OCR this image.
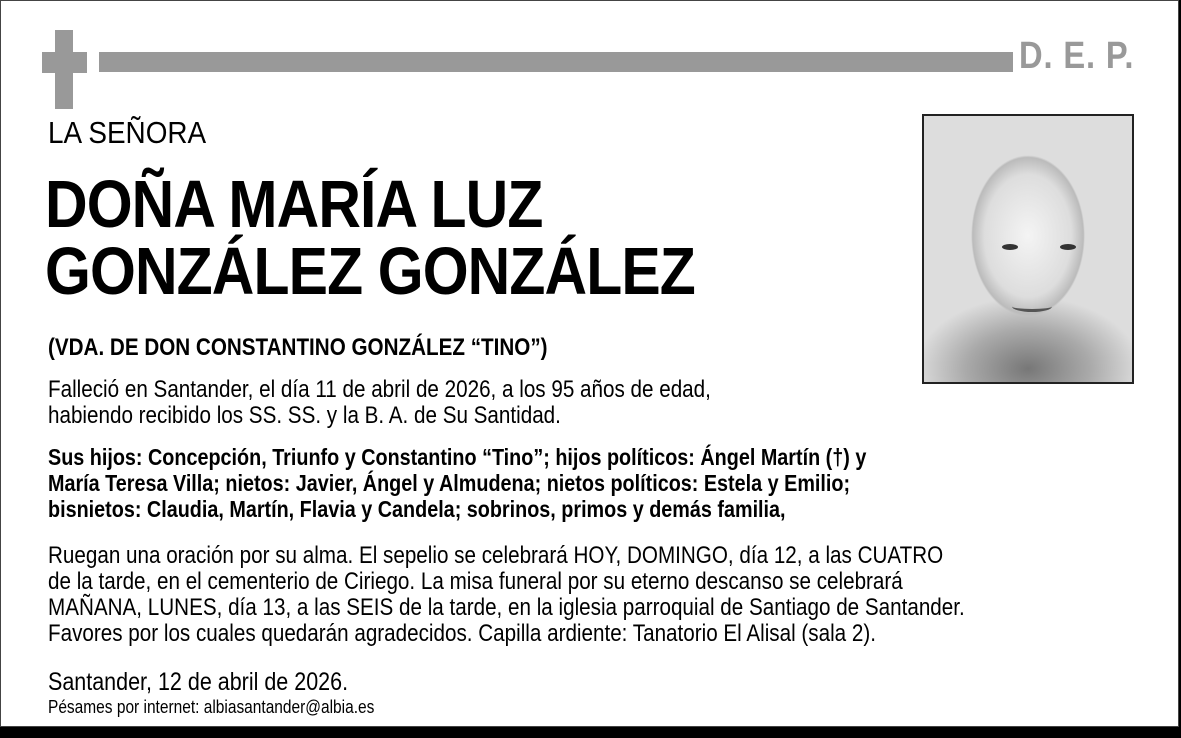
D. E. P.
LA SEÑORA
DOÑA MARÍA LUZ
GONZÁLEZ GONZÁLEZ
(VDA. DE DON CONSTANTINO GONZÁLEZ “TINO”)
Falleció en Santander, el día 11 de abril de 2026, a los 95 años de edad,
habiendo recibido los SS. SS. y la B. A. de Su Santidad.
Sus hijos: Concepción, Triunfo y Constantino “Tino”; hijos políticos: Ángel Martín (†) y
María Teresa Villa; nietos: Javier, Ángel y Almudena; nietos políticos: Estela y Emilio;
bisnietos: Claudia, Martín, Flavia y Candela; sobrinos, primos y demás familia,
Ruegan una oración por su alma. El sepelio se celebrará HOY, DOMINGO, día 12, a las CUATRO
de la tarde, en el cementerio de Ciriego. La misa funeral por su eterno descanso se celebrará
MAÑANA, LUNES, día 13, a las SEIS de la tarde, en la iglesia parroquial de Santiago de Santander.
Favores por los cuales quedarán agradecidos. Capilla ardiente: Tanatorio El Alisal (sala 2).
Santander, 12 de abril de 2026.
Pésames por internet: albiasantander@albia.es
